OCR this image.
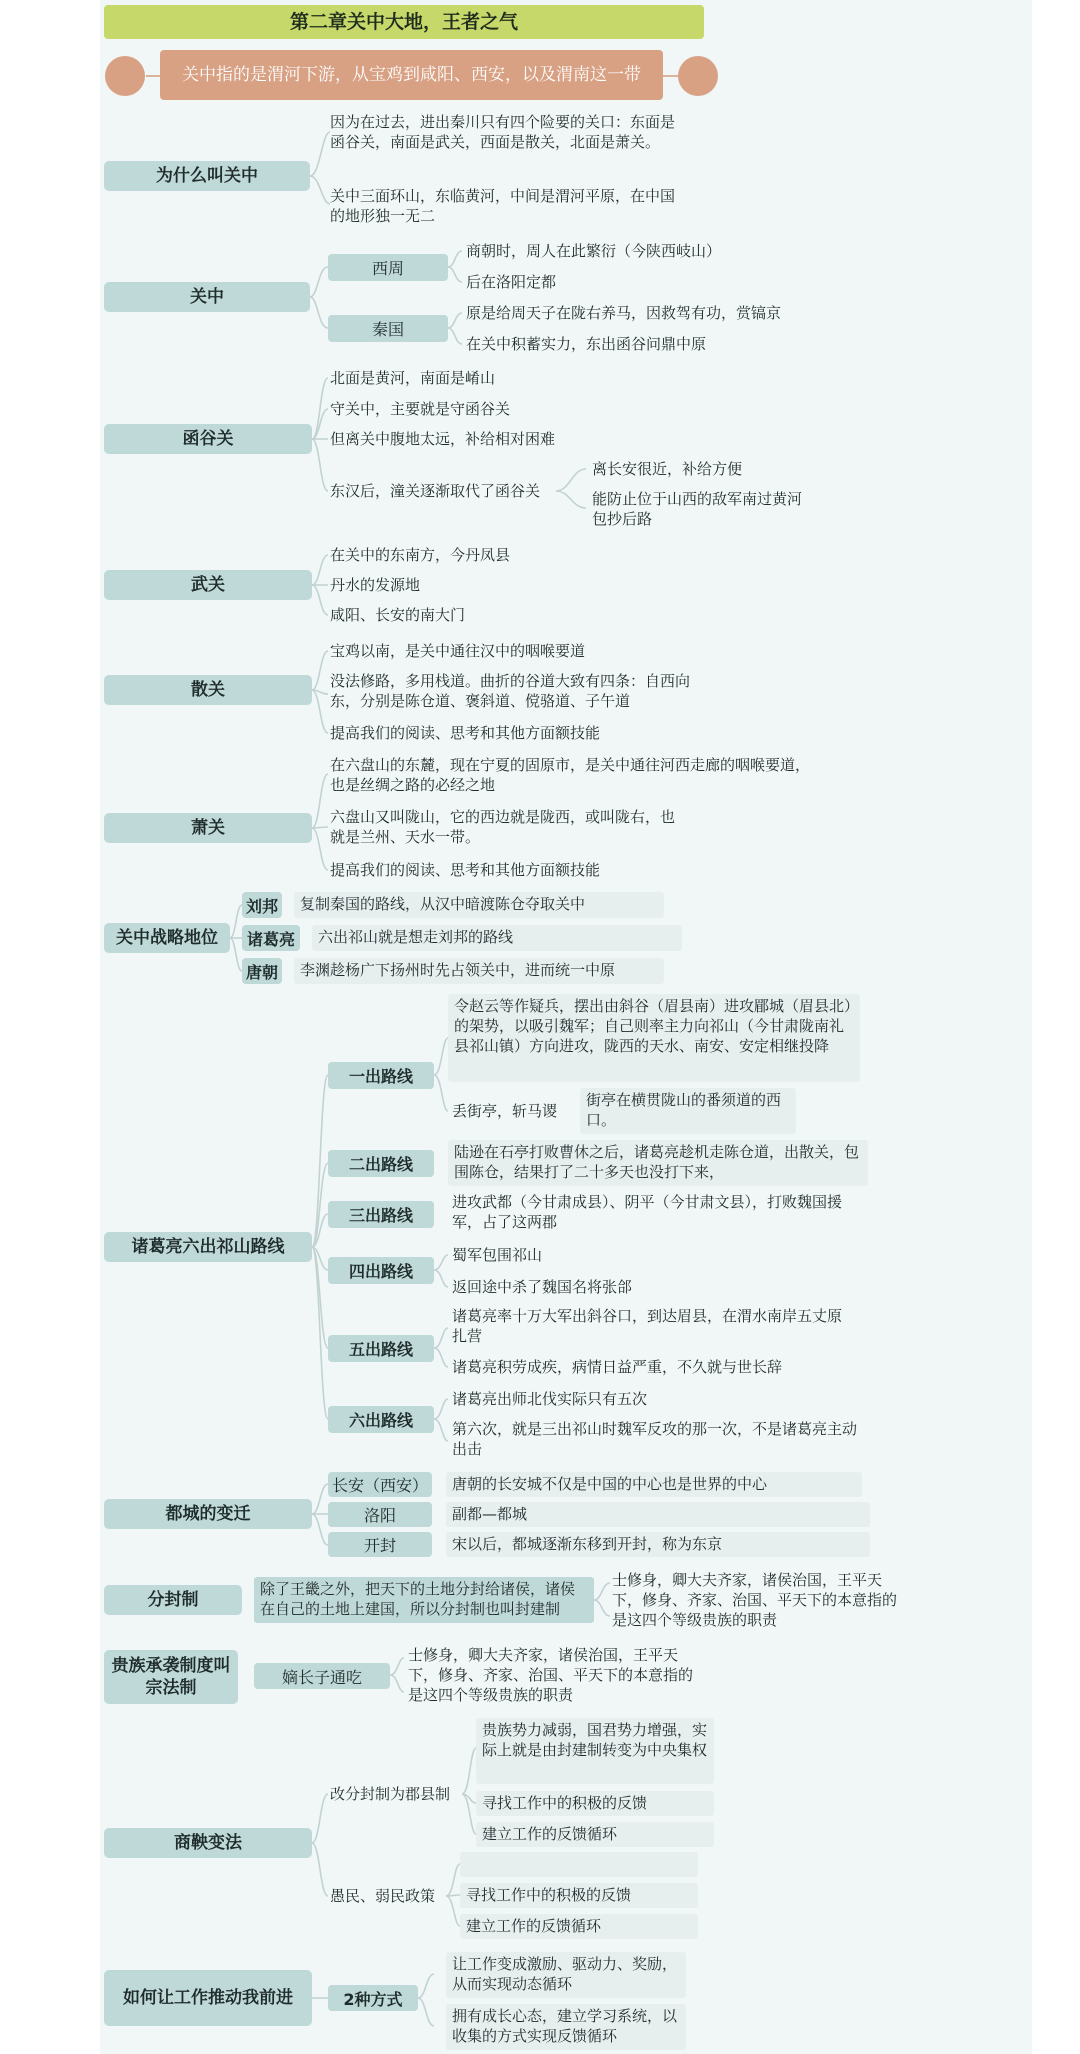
第二章关中大地，王者之气
关中指的是渭河下游，从宝鸡到咸阳、西安，以及渭南这一带
为什么叫关中
因为在过去，进出秦川只有四个险要的关口：东面是函谷关，南面是武关，西面是散关，北面是萧关。
关中三面环山，东临黄河，中间是渭河平原，在中国的地形独一无二
关中
西周
商朝时，周人在此繁衍（今陕西岐山）
后在洛阳定都
秦国
原是给周天子在陇右养马，因救驾有功，赏镐京
在关中积蓄实力，东出函谷问鼎中原
函谷关
北面是黄河，南面是崤山
守关中，主要就是守函谷关
但离关中腹地太远，补给相对困难
东汉后，潼关逐渐取代了函谷关
离长安很近，补给方便
能防止位于山西的敌军南过黄河包抄后路
武关
在关中的东南方，今丹凤县
丹水的发源地
咸阳、长安的南大门
散关
宝鸡以南，是关中通往汉中的咽喉要道
没法修路，多用栈道。曲折的谷道大致有四条：自西向东，分别是陈仓道、褒斜道、傥骆道、子午道
提高我们的阅读、思考和其他方面额技能
萧关
在六盘山的东麓，现在宁夏的固原市，是关中通往河西走廊的咽喉要道，也是丝绸之路的必经之地
六盘山又叫陇山，它的西边就是陇西，或叫陇右，也就是兰州、天水一带。
提高我们的阅读、思考和其他方面额技能
关中战略地位
刘邦	复制秦国的路线，从汉中暗渡陈仓夺取关中
诸葛亮	六出祁山就是想走刘邦的路线
唐朝	李渊趁杨广下扬州时先占领关中，进而统一中原
诸葛亮六出祁山路线
一出路线
令赵云等作疑兵，摆出由斜谷（眉县南）进攻郿城（眉县北）的架势，以吸引魏军；自己则率主力向祁山（今甘肃陇南礼县祁山镇）方向进攻，陇西的天水、南安、安定相继投降
丢街亭，斩马谡
街亭在横贯陇山的番须道的西口。
二出路线
陆逊在石亭打败曹休之后，诸葛亮趁机走陈仓道，出散关，包围陈仓，结果打了二十多天也没打下来，
三出路线
进攻武都（今甘肃成县）、阴平（今甘肃文县），打败魏国援军，占了这两郡
四出路线
蜀军包围祁山
返回途中杀了魏国名将张郃
五出路线
诸葛亮率十万大军出斜谷口，到达眉县，在渭水南岸五丈原扎营
诸葛亮积劳成疾，病情日益严重，不久就与世长辞
六出路线
诸葛亮出师北伐实际只有五次
第六次，就是三出祁山时魏军反攻的那一次，不是诸葛亮主动出击
都城的变迁
长安（西安）	唐朝的长安城不仅是中国的中心也是世界的中心
洛阳	副都—都城
开封	宋以后，都城逐渐东移到开封，称为东京
分封制
除了王畿之外，把天下的土地分封给诸侯，诸侯在自己的土地上建国，所以分封制也叫封建制
士修身，卿大夫齐家，诸侯治国，王平天下，修身、齐家、治国、平天下的本意指的是这四个等级贵族的职责
贵族承袭制度叫宗法制
嫡长子通吃
士修身，卿大夫齐家，诸侯治国，王平天下，修身、齐家、治国、平天下的本意指的是这四个等级贵族的职责
商鞅变法
改分封制为郡县制
贵族势力减弱，国君势力增强，实际上就是由封建制转变为中央集权
寻找工作中的积极的反馈
建立工作的反馈循环
愚民、弱民政策	寻找工作中的积极的反馈
建立工作的反馈循环
如何让工作推动我前进	2种方式
让工作变成激励、驱动力、奖励，从而实现动态循环
拥有成长心态，建立学习系统，以收集的方式实现反馈循环
